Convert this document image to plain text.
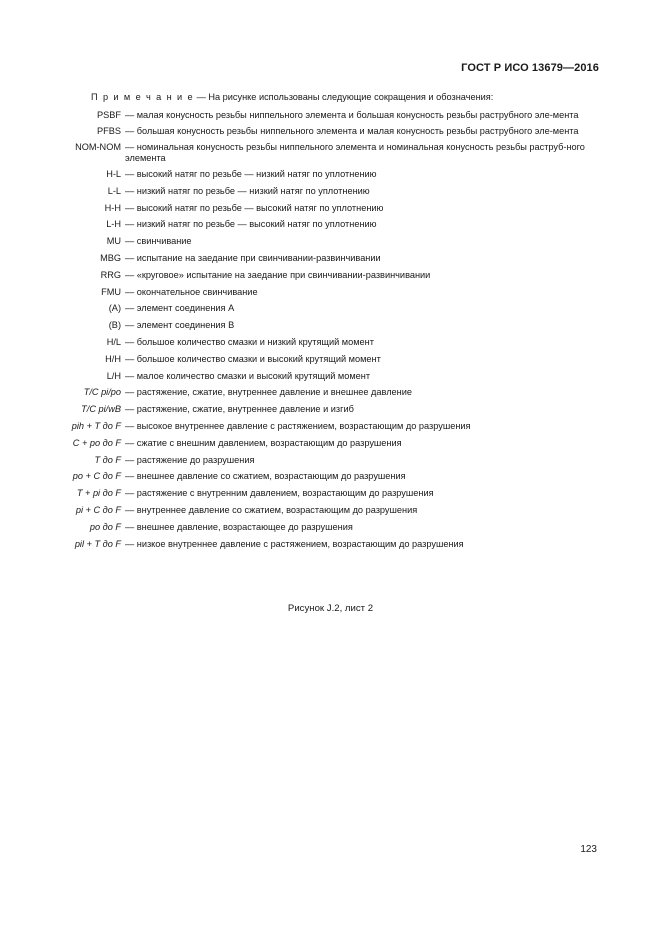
ГОСТ Р ИСО 13679—2016
П р и м е ч а н и е — На рисунке использованы следующие сокращения и обозначения:
PSBF — малая конусность резьбы ниппельного элемента и большая конусность резьбы раструбного эле-мента
PFBS — большая конусность резьбы ниппельного элемента и малая конусность резьбы раструбного эле-мента
NOM-NOM — номинальная конусность резьбы ниппельного элемента и номинальная конусность резьбы раструб-ного элемента
H-L — высокий натяг по резьбе — низкий натяг по уплотнению
L-L — низкий натяг по резьбе — низкий натяг по уплотнению
H-H — высокий натяг по резьбе — высокий натяг по уплотнению
L-H — низкий натяг по резьбе — высокий натяг по уплотнению
MU — свинчивание
MBG — испытание на заедание при свинчивании-развинчивании
RRG — «круговое» испытание на заедание при свинчивании-развинчивании
FMU — окончательное свинчивание
(A) — элемент соединения А
(B) — элемент соединения В
H/L — большое количество смазки и низкий крутящий момент
H/H — большое количество смазки и высокий крутящий момент
L/H — малое количество смазки и высокий крутящий момент
T/C pi/po — растяжение, сжатие, внутреннее давление и внешнее давление
T/C pi/wB — растяжение, сжатие, внутреннее давление и изгиб
pih + T до F — высокое внутреннее давление с растяжением, возрастающим до разрушения
C + po до F — сжатие с внешним давлением, возрастающим до разрушения
T до F — растяжение до разрушения
po + C до F — внешнее давление со сжатием, возрастающим до разрушения
T + pi до F — растяжение с внутренним давлением, возрастающим до разрушения
pi + C до F — внутреннее давление со сжатием, возрастающим до разрушения
po до F — внешнее давление, возрастающее до разрушения
pil + T до F — низкое внутреннее давление с растяжением, возрастающим до разрушения
Рисунок J.2, лист 2
123
